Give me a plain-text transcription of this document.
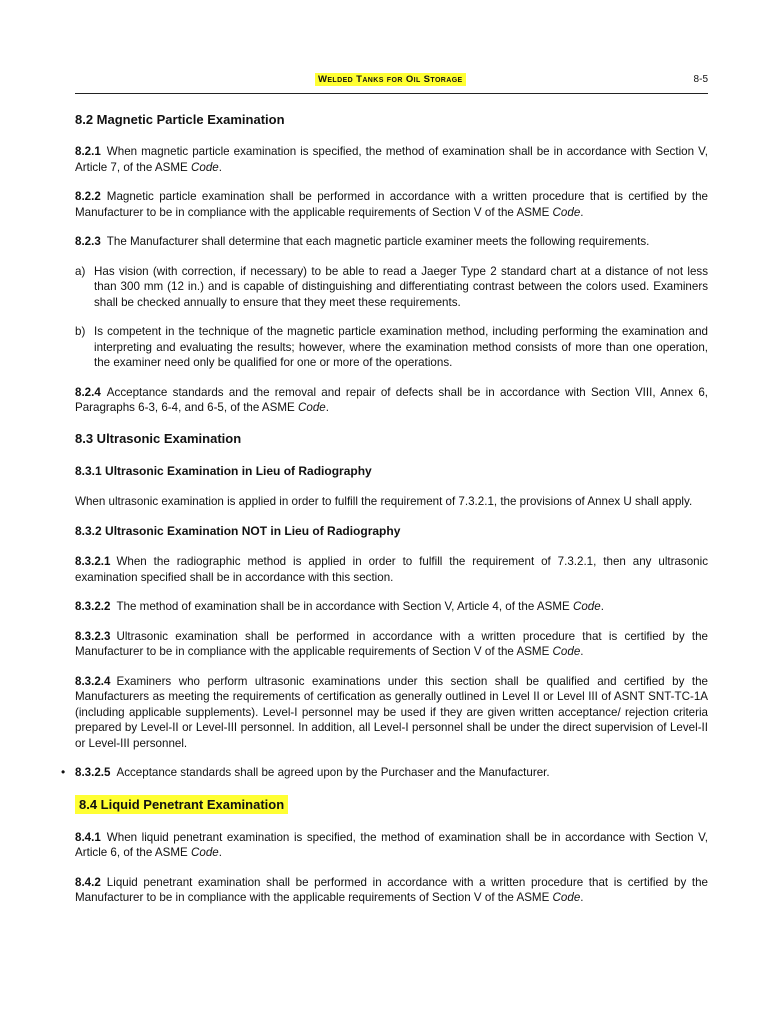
Welded Tanks for Oil Storage	8-5
8.2 Magnetic Particle Examination

8.2.1 When magnetic particle examination is specified, the method of examination shall be in accordance with Section V, Article 7, of the ASME Code.

8.2.2 Magnetic particle examination shall be performed in accordance with a written procedure that is certified by the Manufacturer to be in compliance with the applicable requirements of Section V of the ASME Code.

8.2.3 The Manufacturer shall determine that each magnetic particle examiner meets the following requirements.

a) Has vision (with correction, if necessary) to be able to read a Jaeger Type 2 standard chart at a distance of not less than 300 mm (12 in.) and is capable of distinguishing and differentiating contrast between the colors used. Examiners shall be checked annually to ensure that they meet these requirements.
b) Is competent in the technique of the magnetic particle examination method, including performing the examination and interpreting and evaluating the results; however, where the examination method consists of more than one operation, the examiner need only be qualified for one or more of the operations.

8.2.4 Acceptance standards and the removal and repair of defects shall be in accordance with Section VIII, Annex 6, Paragraphs 6-3, 6-4, and 6-5, of the ASME Code.

8.3 Ultrasonic Examination
8.3.1 Ultrasonic Examination in Lieu of Radiography

When ultrasonic examination is applied in order to fulfill the requirement of 7.3.2.1, the provisions of Annex U shall apply.

8.3.2 Ultrasonic Examination NOT in Lieu of Radiography

8.3.2.1 When the radiographic method is applied in order to fulfill the requirement of 7.3.2.1, then any ultrasonic examination specified shall be in accordance with this section.

8.3.2.2 The method of examination shall be in accordance with Section V, Article 4, of the ASME Code.

8.3.2.3 Ultrasonic examination shall be performed in accordance with a written procedure that is certified by the Manufacturer to be in compliance with the applicable requirements of Section V of the ASME Code.

8.3.2.4 Examiners who perform ultrasonic examinations under this section shall be qualified and certified by the Manufacturers as meeting the requirements of certification as generally outlined in Level II or Level III of ASNT SNT-TC-1A (including applicable supplements). Level-I personnel may be used if they are given written acceptance/ rejection criteria prepared by Level-II or Level-III personnel. In addition, all Level-I personnel shall be under the direct supervision of Level-II or Level-III personnel.

• 8.3.2.5 Acceptance standards shall be agreed upon by the Purchaser and the Manufacturer.

8.4 Liquid Penetrant Examination

8.4.1 When liquid penetrant examination is specified, the method of examination shall be in accordance with Section V, Article 6, of the ASME Code.

8.4.2 Liquid penetrant examination shall be performed in accordance with a written procedure that is certified by the Manufacturer to be in compliance with the applicable requirements of Section V of the ASME Code.
